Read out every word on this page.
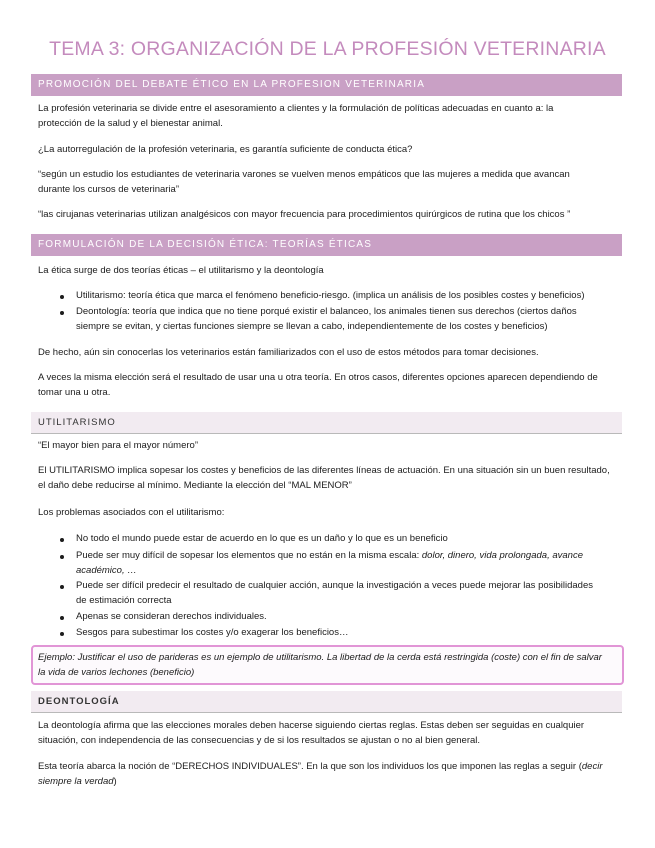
TEMA 3: ORGANIZACIÓN DE LA PROFESIÓN VETERINARIA
PROMOCIÓN DEL DEBATE ÉTICO EN LA PROFESION VETERINARIA
La profesión veterinaria se divide entre el asesoramiento a clientes y la formulación de políticas adecuadas en cuanto a: la
protección de la salud y el bienestar animal.
¿La autorregulación de la profesión veterinaria, es garantía suficiente de conducta ética?
“según un estudio los estudiantes de veterinaria varones se vuelven menos empáticos que las mujeres a medida que avancan
durante los cursos de veterinaria”
“las cirujanas veterinarias utilizan analgésicos con mayor frecuencia para procedimientos quirúrgicos de rutina que los chicos ”
FORMULACIÓN DE LA DECISIÓN ÉTICA: TEORÍAS ÉTICAS
La ética surge de dos teorías éticas – el utilitarismo y la deontología
Utilitarismo: teoría ética que marca el fenómeno beneficio-riesgo. (implica un análisis de los posibles costes y beneficios)
Deontología: teoría que indica que no tiene porqué existir el balanceo, los animales tienen sus derechos (ciertos daños
siempre se evitan, y ciertas funciones siempre se llevan a cabo, independientemente de los costes y beneficios)
De hecho, aún sin conocerlas los veterinarios están familiarizados con el uso de estos métodos para tomar decisiones.
A veces la misma elección será el resultado de usar una u otra teoría. En otros casos, diferentes opciones aparecen dependiendo de
tomar una u otra.
UTILITARISMO
“El mayor bien para el mayor número”
El UTILITARISMO implica sopesar los costes y beneficios de las diferentes líneas de actuación. En una situación sin un buen resultado,
el daño debe reducirse al mínimo. Mediante la elección del “MAL MENOR”
Los problemas asociados con el utilitarismo:
No todo el mundo puede estar de acuerdo en lo que es un daño y lo que es un beneficio
Puede ser muy difícil de sopesar los elementos que no están en la misma escala: dolor, dinero, vida prolongada, avance
académico, …
Puede ser difícil predecir el resultado de cualquier acción, aunque la investigación a veces puede mejorar las posibilidades
de estimación correcta
Apenas se consideran derechos individuales.
Sesgos para subestimar los costes y/o exagerar los beneficios…
Ejemplo: Justificar el uso de parideras es un ejemplo de utilitarismo. La libertad de la cerda está restringida (coste) con el fin de salvar
la vida de varios lechones (beneficio)
DEONTOLOGÍA
La deontología afirma que las elecciones morales deben hacerse siguiendo ciertas reglas. Estas deben ser seguidas en cualquier
situación, con independencia de las consecuencias y de si los resultados se ajustan o no al bien general.
Esta teoría abarca la noción de “DERECHOS INDIVIDUALES”. En la que son los individuos los que imponen las reglas a seguir (decir
siempre la verdad)
